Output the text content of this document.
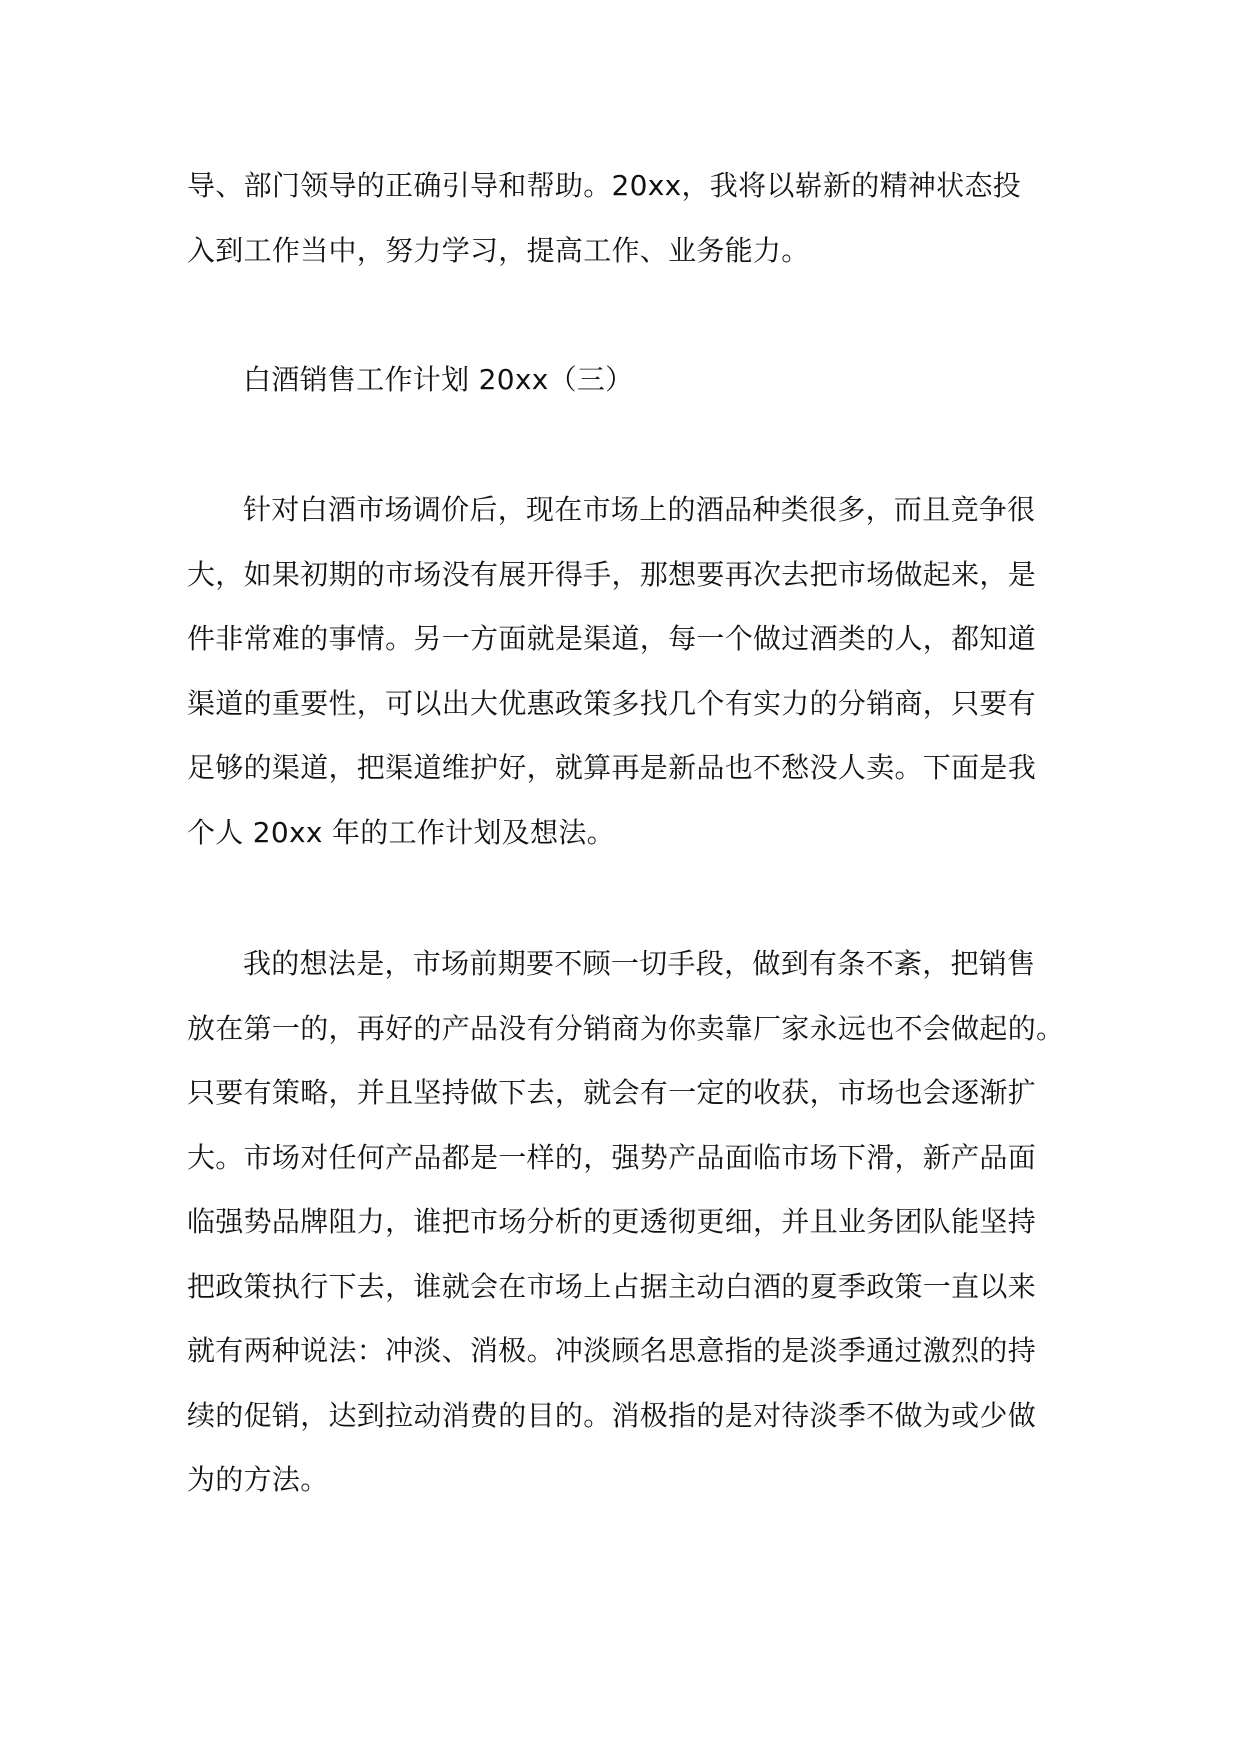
导、部门领导的正确引导和帮助。20xx，我将以崭新的精神状态投
入到工作当中，努力学习，提高工作、业务能力。
白酒销售工作计划 20xx（三）
针对白酒市场调价后，现在市场上的酒品种类很多，而且竞争很
大，如果初期的市场没有展开得手，那想要再次去把市场做起来，是
件非常难的事情。另一方面就是渠道，每一个做过酒类的人，都知道
渠道的重要性，可以出大优惠政策多找几个有实力的分销商，只要有
足够的渠道，把渠道维护好，就算再是新品也不愁没人卖。下面是我
个人 20xx 年的工作计划及想法。
我的想法是，市场前期要不顾一切手段，做到有条不紊，把销售
放在第一的，再好的产品没有分销商为你卖靠厂家永远也不会做起的。
只要有策略，并且坚持做下去，就会有一定的收获，市场也会逐渐扩
大。市场对任何产品都是一样的，强势产品面临市场下滑，新产品面
临强势品牌阻力，谁把市场分析的更透彻更细，并且业务团队能坚持
把政策执行下去，谁就会在市场上占据主动白酒的夏季政策一直以来
就有两种说法：冲淡、消极。冲淡顾名思意指的是淡季通过激烈的持
续的促销，达到拉动消费的目的。消极指的是对待淡季不做为或少做
为的方法。
